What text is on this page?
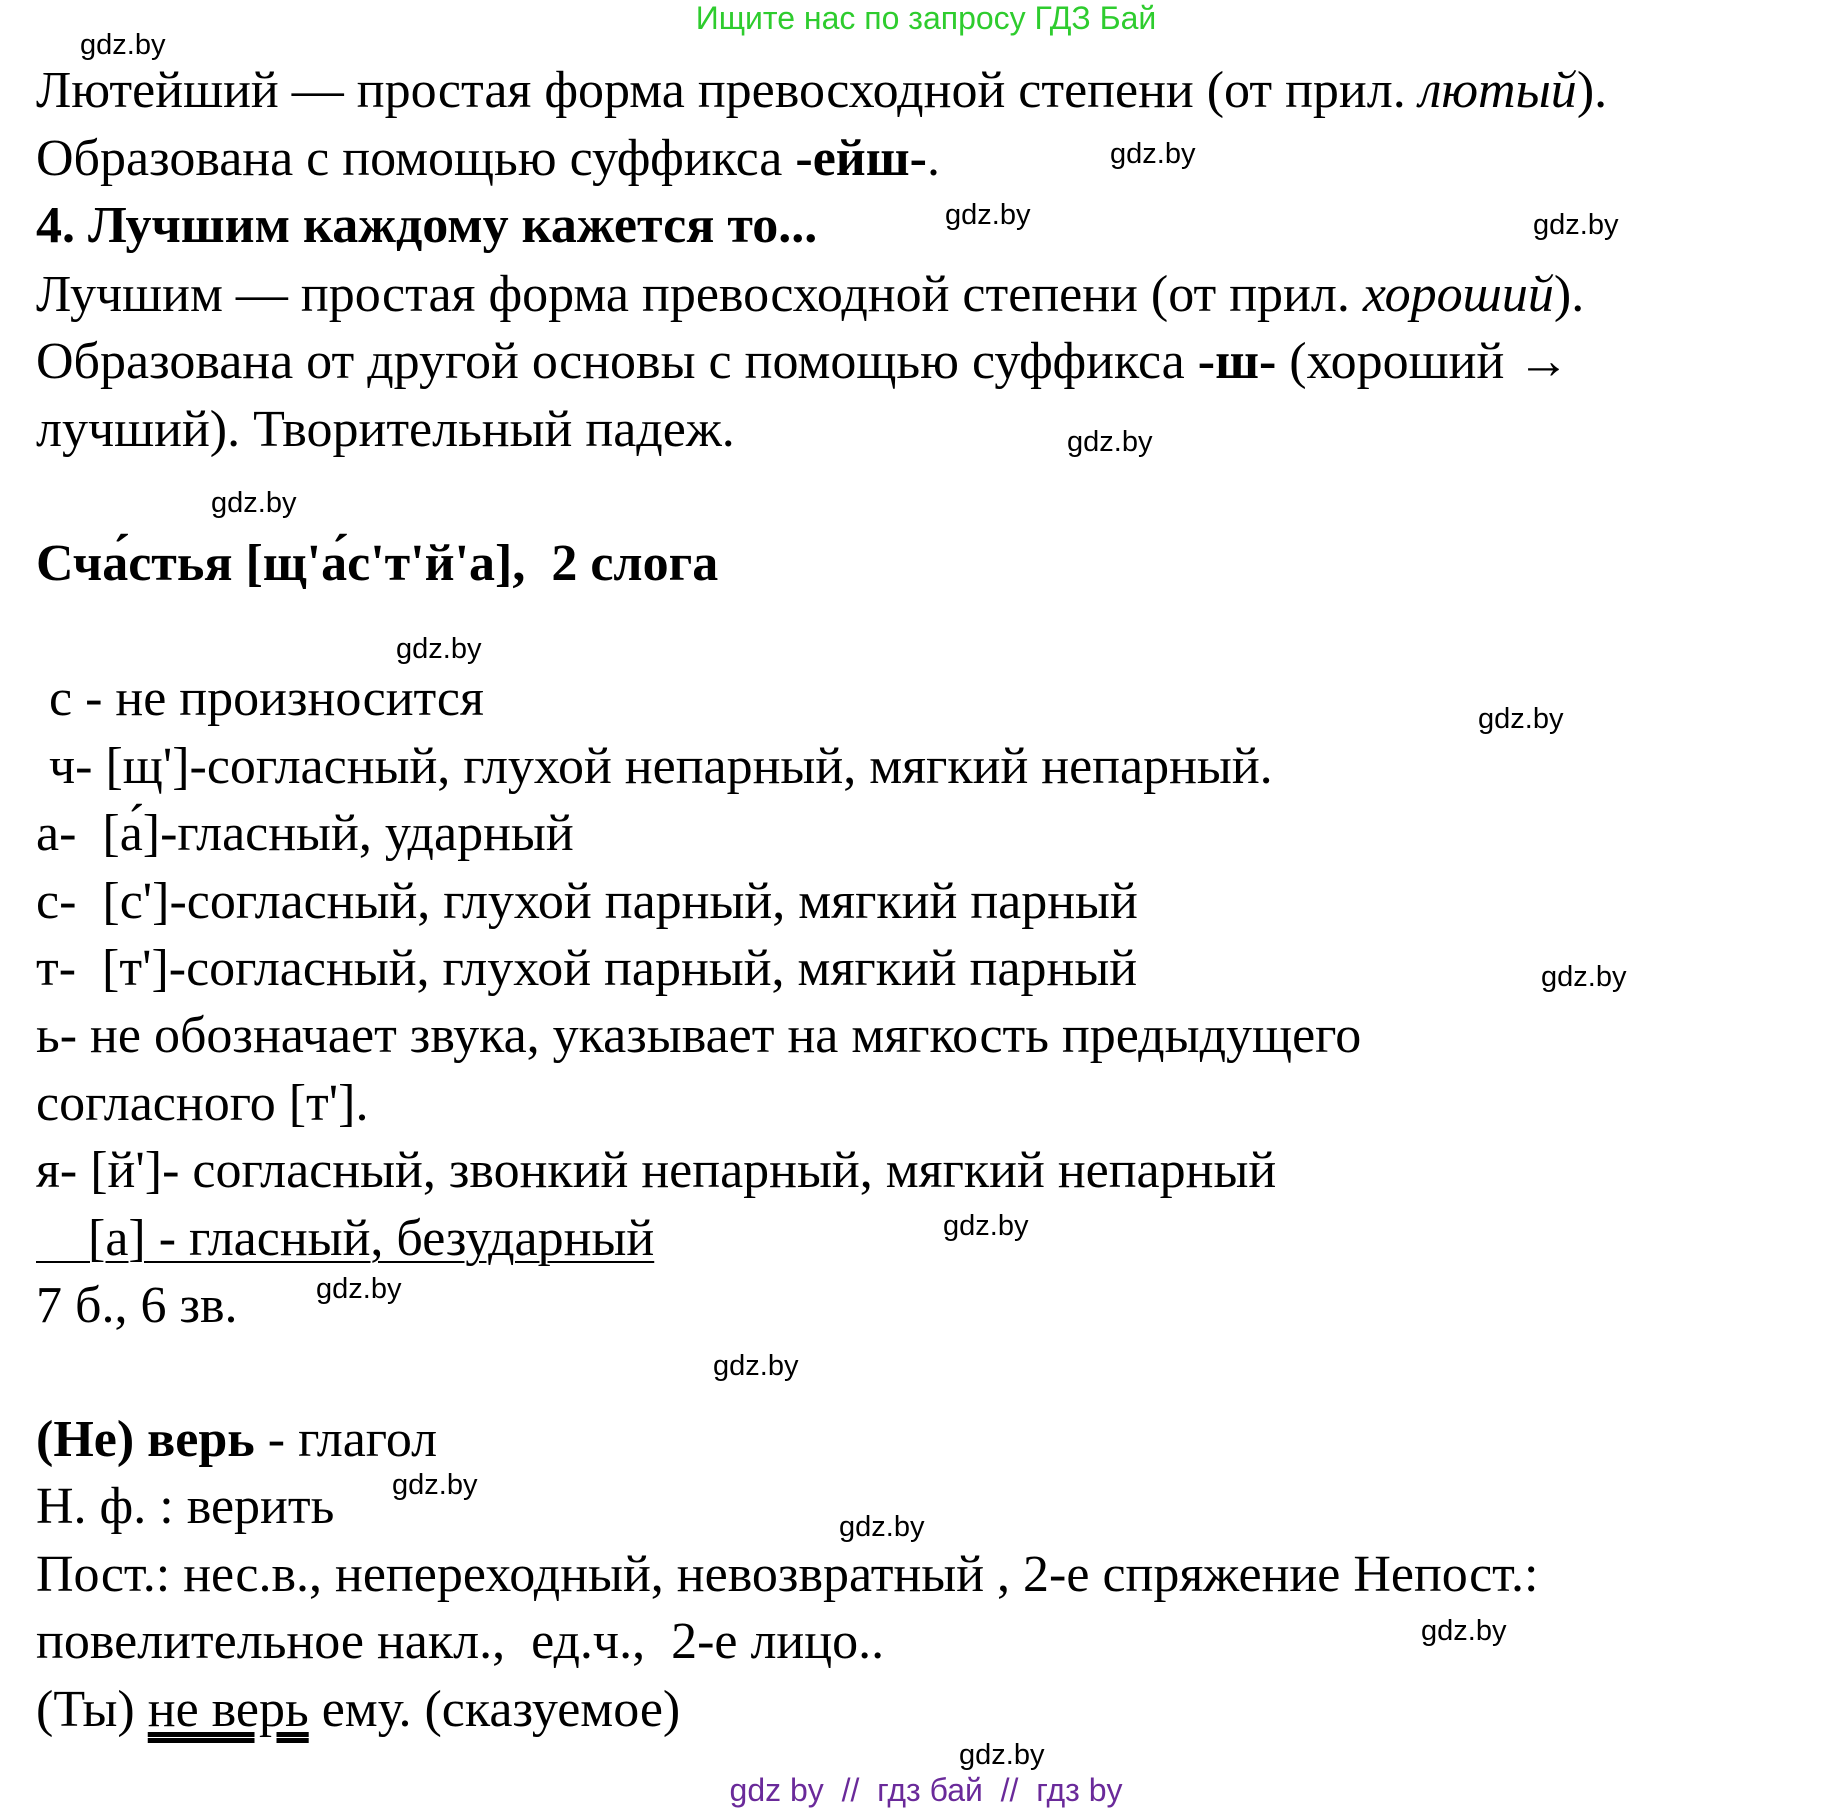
Ищите нас по запросу ГДЗ Бай
Лютейший — простая форма превосходной степени (от прил. лютый).
Образована с помощью суффикса -ейш-.
4. Лучшим каждому кажется то...
Лучшим — простая форма превосходной степени (от прил. хороший).
Образована от другой основы с помощью суффикса -ш- (хороший →
лучший). Творительный падеж.
Сча́стья [щ'а́с'т'й'а],  2 слога
с - не произносится
ч- [щ']-согласный, глухой непарный, мягкий непарный.
а-  [а́]-гласный, ударный
с-  [с']-согласный, глухой парный, мягкий парный
т-  [т']-согласный, глухой парный, мягкий парный
ь- не обозначает звука, указывает на мягкость предыдущего
согласного [т'].
я- [й']- согласный, звонкий непарный, мягкий непарный
[а] - гласный, безударный
7 б., 6 зв.
(Не) верь - глагол
Н. ф. : верить
Пост.: нес.в., непереходный, невозвратный , 2-е спряжение Непост.:
повелительное накл.,  ед.ч.,  2-е лицо..
(Ты) не верь ему. (сказуемое)
gdz.by
gdz.by
gdz.by	gdz.by
gdz.by
gdz.by
gdz.by
gdz.by
gdz.by
gdz.by
gdz.by
gdz.by
gdz.by
gdz.by
gdz.by
gdz.by
gdz by  //  гдз бай  //  гдз by
